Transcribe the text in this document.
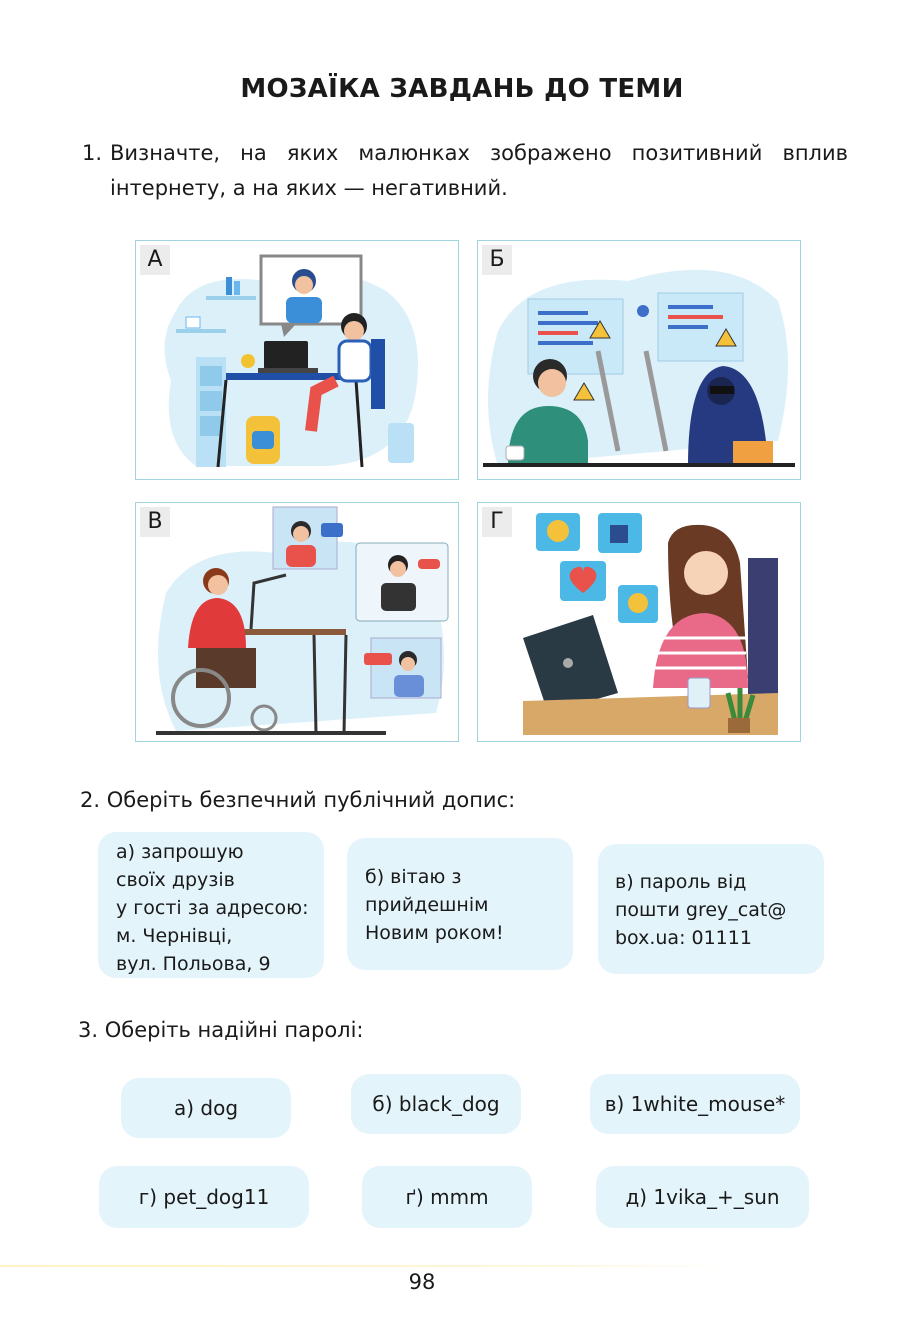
МОЗАЇКА ЗАВДАНЬ ДО ТЕМИ
1. Визначте, на яких малюнках зображено позитивний вплив інтернету, а на яких — негативний.
А	Б
В	Г
2. Оберіть безпечний публічний допис:
а) запрошую
своїх друзів
у гості за адресою:
м. Чернівці,
вул. Польова, 9
б) вітаю з
прийдешнім
Новим роком!
в) пароль від
пошти grey_cat@
box.ua: 01111
3. Оберіть надійні паролі:
а) dog	б) black_dog	в) 1white_mouse*
г) pet_dog11	ґ) mmm	д) 1vika_+_sun
98
